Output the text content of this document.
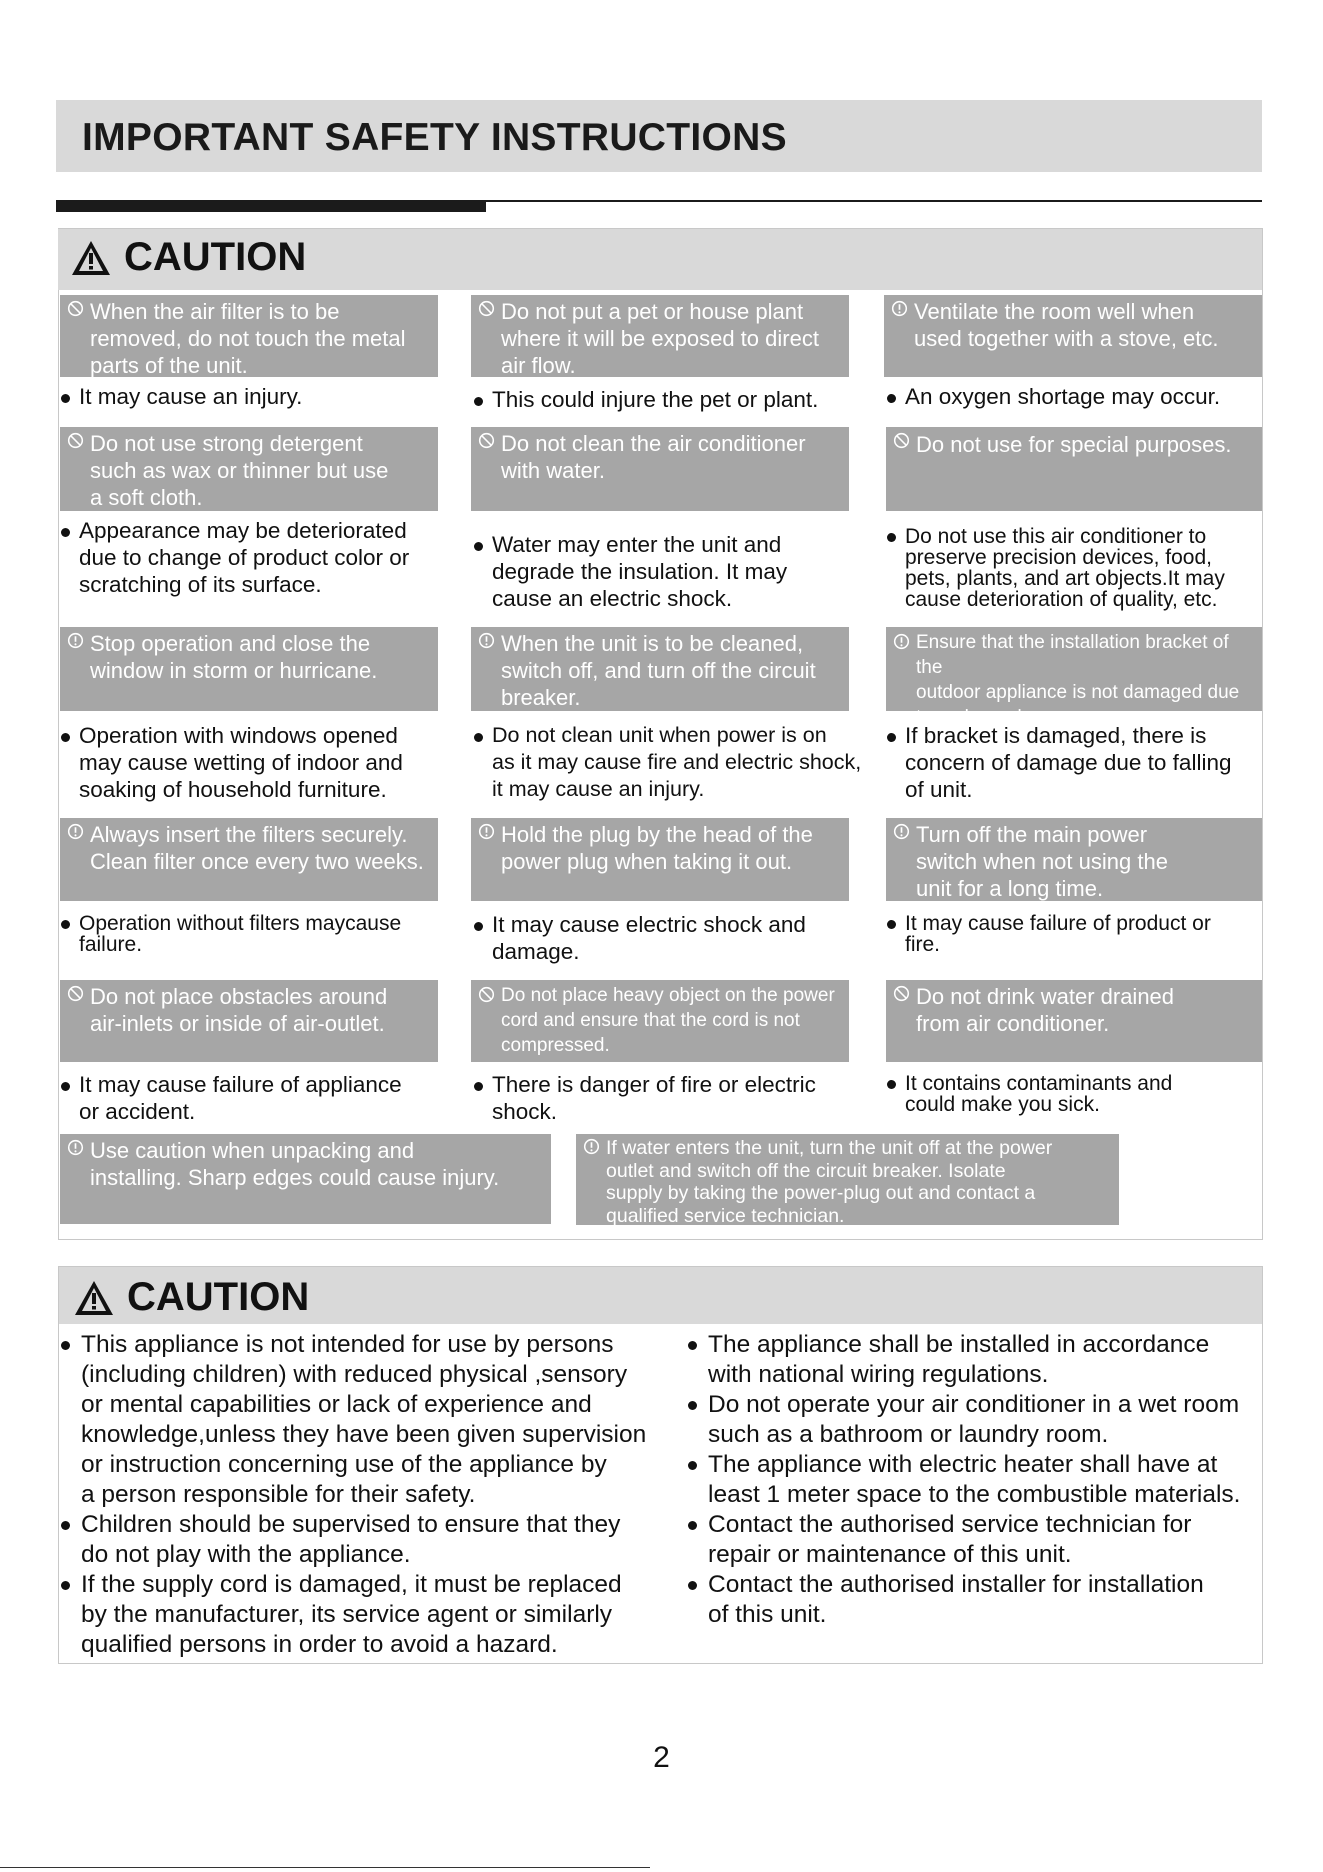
IMPORTANT SAFETY INSTRUCTIONS
CAUTION
When the air filter is to be
removed, do not touch the metal
parts of the unit.
Do not put a pet or house plant
where it will be exposed to direct
air flow.
Ventilate the room well when
used together with a stove, etc.
It may cause an injury.	This could injure the pet or plant.	An oxygen shortage may occur.
Do not use strong detergent
such as wax or thinner but use
a soft cloth.
Do not clean the air conditioner
with water.
Do not use for special purposes.
Appearance may be deteriorated
due to change of product color or
scratching of its surface.
Water may enter the unit and
degrade the insulation. It may
cause an electric shock.
Do not use this air conditioner to
preserve precision devices, food,
pets, plants, and art objects.It may
cause deterioration of quality, etc.
Stop operation and close the
window in storm or hurricane.
When the unit is to be cleaned,
switch off, and turn off the circuit
breaker.
Ensure that the installation bracket of the
outdoor appliance is not damaged due
to prolonged exposure.
Operation with windows opened
may cause wetting of indoor and
soaking of household furniture.
Do not clean unit when power is on
as it may cause fire and electric shock,
it may cause an injury.
If bracket is damaged, there is
concern of damage due to falling
of unit.
Always insert the filters securely.
Clean filter once every two weeks.
Hold the plug by the head of the
power plug when taking it out.
Turn off the main power
switch when not using the
unit for a long time.
Operation without filters maycause
failure.
It may cause electric shock and
damage.
It may cause failure of product or
fire.
Do not place obstacles around
air-inlets or inside of air-outlet.
Do not place heavy object on the power
cord and ensure that the cord is not
compressed.
Do not drink water drained
from air conditioner.
It may cause failure of appliance
or accident.
There is danger of fire or electric
shock.
It contains contaminants and
could make you sick.
Use caution when unpacking and
installing. Sharp edges could cause injury.
If water enters the unit, turn the unit off at the power
outlet and switch off the circuit breaker. Isolate
supply by taking the power-plug out and contact a
qualified service technician.
CAUTION
This appliance is not intended for use by persons
(including children) with reduced physical ,sensory
or mental capabilities or lack of experience and
knowledge,unless they have been given supervision
or instruction concerning use of the appliance by
a person responsible for their safety.
Children should be supervised to ensure that they
do not play with the appliance.
If the supply cord is damaged, it must be replaced
by the manufacturer, its service agent or similarly
qualified persons in order to avoid a hazard.
The appliance shall be installed in accordance
with national wiring regulations.
Do not operate your air conditioner in a wet room
such as a bathroom or laundry room.
The appliance with electric heater shall have at
least 1 meter space to the combustible materials.
Contact the authorised service technician for
repair or maintenance of this unit.
Contact the authorised installer for installation
of this unit.
2
